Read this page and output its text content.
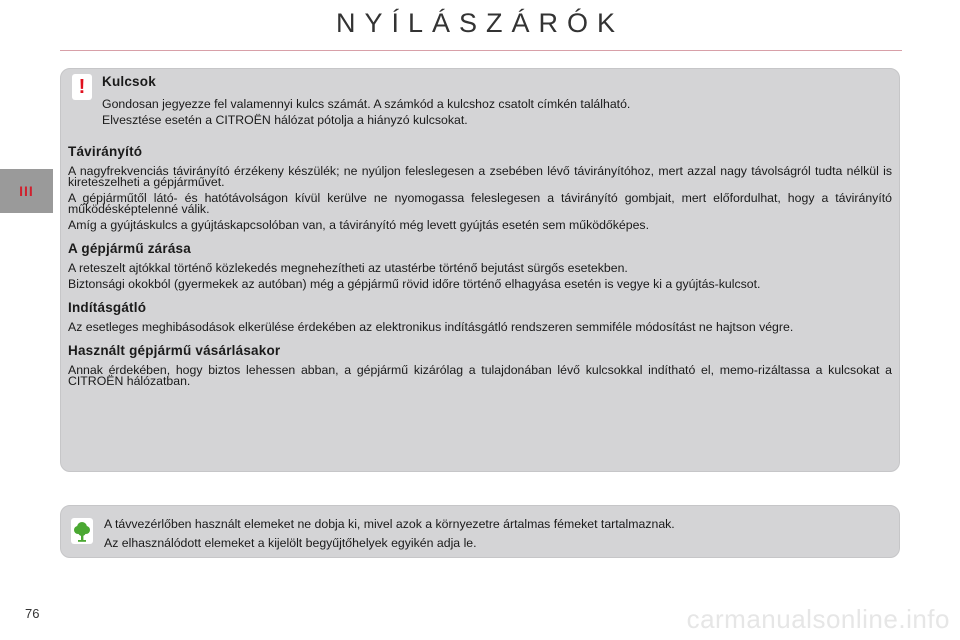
NYÍLÁSZÁRÓK
III
!	Kulcsok

Gondosan jegyezze fel valamennyi kulcs számát. A számkód a kulcshoz csatolt címkén található.

Elvesztése esetén a CITROËN hálózat pótolja a hiányzó kulcsokat.

Távirányító

A nagyfrekvenciás távirányító érzékeny készülék; ne nyúljon feleslegesen a zsebében lévő távirányítóhoz, mert azzal nagy távolságról tudta nélkül is kireteszelheti a gépjárművet.

A gépjárműtől látó- és hatótávolságon kívül kerülve ne nyomogassa feleslegesen a távirányító gombjait, mert előfordulhat, hogy a távirányító működésképtelenné válik.

Amíg a gyújtáskulcs a gyújtáskapcsolóban van, a távirányító még levett gyújtás esetén sem működőképes.

A gépjármű zárása

A reteszelt ajtókkal történő közlekedés megnehezítheti az utastérbe történő bejutást sürgős esetekben.

Biztonsági okokból (gyermekek az autóban) még a gépjármű rövid időre történő elhagyása esetén is vegye ki a gyújtás-kulcsot.

Indításgátló

Az esetleges meghibásodások elkerülése érdekében az elektronikus indításgátló rendszeren semmiféle módosítást ne hajtson végre.

Használt gépjármű vásárlásakor

Annak érdekében, hogy biztos lehessen abban, a gépjármű kizárólag a tulajdonában lévő kulcsokkal indítható el, memo-rizáltassa a kulcsokat a CITROËN hálózatban.

A távvezérlőben használt elemeket ne dobja ki, mivel azok a környezetre ártalmas fémeket tartalmaznak.

Az elhasználódott elemeket a kijelölt begyűjtőhelyek egyikén adja le.

76	carmanualsonline.info
